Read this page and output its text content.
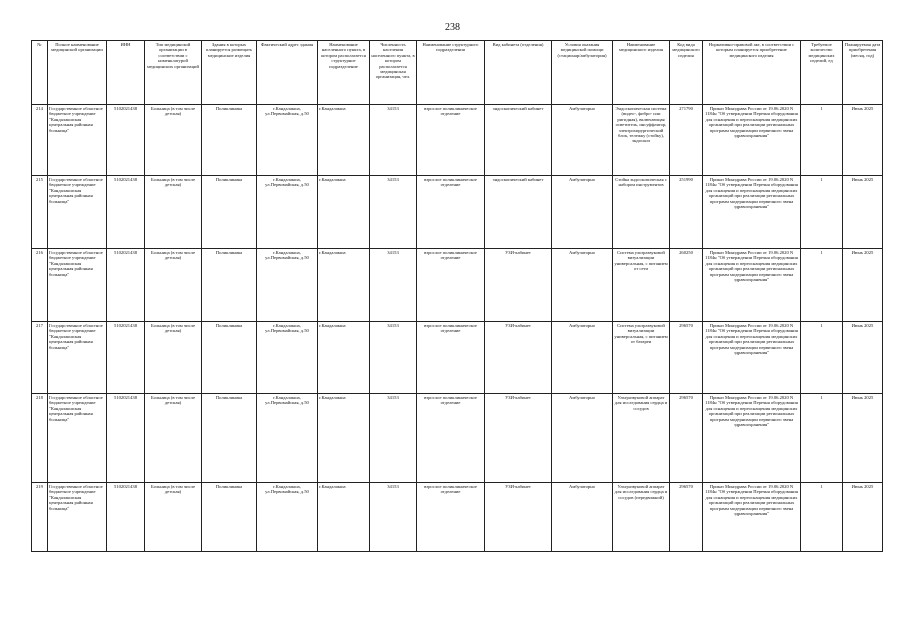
238
№	Полное наименование медицинской организации	ИНН	Тип медицинской организации в соответствии с номенклатурой медицинских организаций	Здания в которых планируется размещать медицинские изделия	Фактический адрес здания	Наименование населенного пункта, в котором располагается структурное подразделение	Численность населения населенного пункта, в котором располагается медицинская организация, чел.	Наименование структурного подразделения	Вид кабинета (отделения)	Условия оказания медицинской помощи (стационар/амбулатория)	Наименование медицинского изделия	Код вида медицинского изделия	Нормативно-правовой акт, в соответствии с которым планируется приобретение медицинского изделия	Требуемое количество медицинских изделий, ед	Планируемая дата приобретения (месяц, год)
214	Государственное областное бюджетное учреждение "Кандалакшская центральная районная больница"	5102021438	Больница (в том числе детская)	Поликлиника	г.Кандалакша, ул.Первомайская, д.50	г.Кандалакша	34153	взрослое поликлиническое отделение	эндоскопический кабинет	Амбулаторно	Эндоскопическая система (видео-, фибро- или ригидная), включающая осветитель, инсуффлятор, электрохирургический блок, тележку (стойку), эндоскоп	271790	Приказ Минздрава России от 19.06.2020 N 1184н "Об утверждении Перечня оборудования для оснащения и переоснащения медицинских организаций при реализации региональных программ модернизации первичного звена здравоохранения"	1	Июнь 2025
215	Государственное областное бюджетное учреждение "Кандалакшская центральная районная больница"	5102021438	Больница (в том числе детская)	Поликлиника	г.Кандалакша, ул.Первомайская, д.50	г.Кандалакша	34153	взрослое поликлиническое отделение	эндоскопический кабинет	Амбулаторно	Стойка эндоскопическая с набором инструментов	251990	Приказ Минздрава России от 19.06.2020 N 1184н "Об утверждении Перечня оборудования для оснащения и переоснащения медицинских организаций при реализации региональных программ модернизации первичного звена здравоохранения"	1	Июнь 2025
216	Государственное областное бюджетное учреждение "Кандалакшская центральная районная больница"	5102021438	Больница (в том числе детская)	Поликлиника	г.Кандалакша, ул.Первомайская, д.50	г.Кандалакша	34153	взрослое поликлиническое отделение	УЗИ-кабинет	Амбулаторно	Система ультразвуковой визуализации универсальная, с питанием от сети	260250	Приказ Минздрава России от 19.06.2020 N 1184н "Об утверждении Перечня оборудования для оснащения и переоснащения медицинских организаций при реализации региональных программ модернизации первичного звена здравоохранения"	1	Июнь 2025
217	Государственное областное бюджетное учреждение "Кандалакшская центральная районная больница"	5102021438	Больница (в том числе детская)	Поликлиника	г.Кандалакша, ул.Первомайская, д.50	г.Кандалакша	34153	взрослое поликлиническое отделение	УЗИ-кабинет	Амбулаторно	Система ультразвуковой визуализации универсальная, с питанием от батареи	296570	Приказ Минздрава России от 19.06.2020 N 1184н "Об утверждении Перечня оборудования для оснащения и переоснащения медицинских организаций при реализации региональных программ модернизации первичного звена здравоохранения"	1	Июнь 2025
218	Государственное областное бюджетное учреждение "Кандалакшская центральная районная больница"	5102021438	Больница (в том числе детская)	Поликлиника	г.Кандалакша, ул.Первомайская, д.50	г.Кандалакша	34153	взрослое поликлиническое отделение	УЗИ-кабинет	Амбулаторно	Ультразвуковой аппарат для исследования сердца и сосудов	296570	Приказ Минздрава России от 19.06.2020 N 1184н "Об утверждении Перечня оборудования для оснащения и переоснащения медицинских организаций при реализации региональных программ модернизации первичного звена здравоохранения"	1	Июнь 2025
219	Государственное областное бюджетное учреждение "Кандалакшская центральная районная больница"	5102021438	Больница (в том числе детская)	Поликлиника	г.Кандалакша, ул.Первомайская, д.50	г.Кандалакша	34153	взрослое поликлиническое отделение	УЗИ-кабинет	Амбулаторно	Ультразвуковой аппарат для исследования сердца и сосудов (передвижной)	296570	Приказ Минздрава России от 19.06.2020 N 1184н "Об утверждении Перечня оборудования для оснащения и переоснащения медицинских организаций при реализации региональных программ модернизации первичного звена здравоохранения"	1	Июнь 2025
